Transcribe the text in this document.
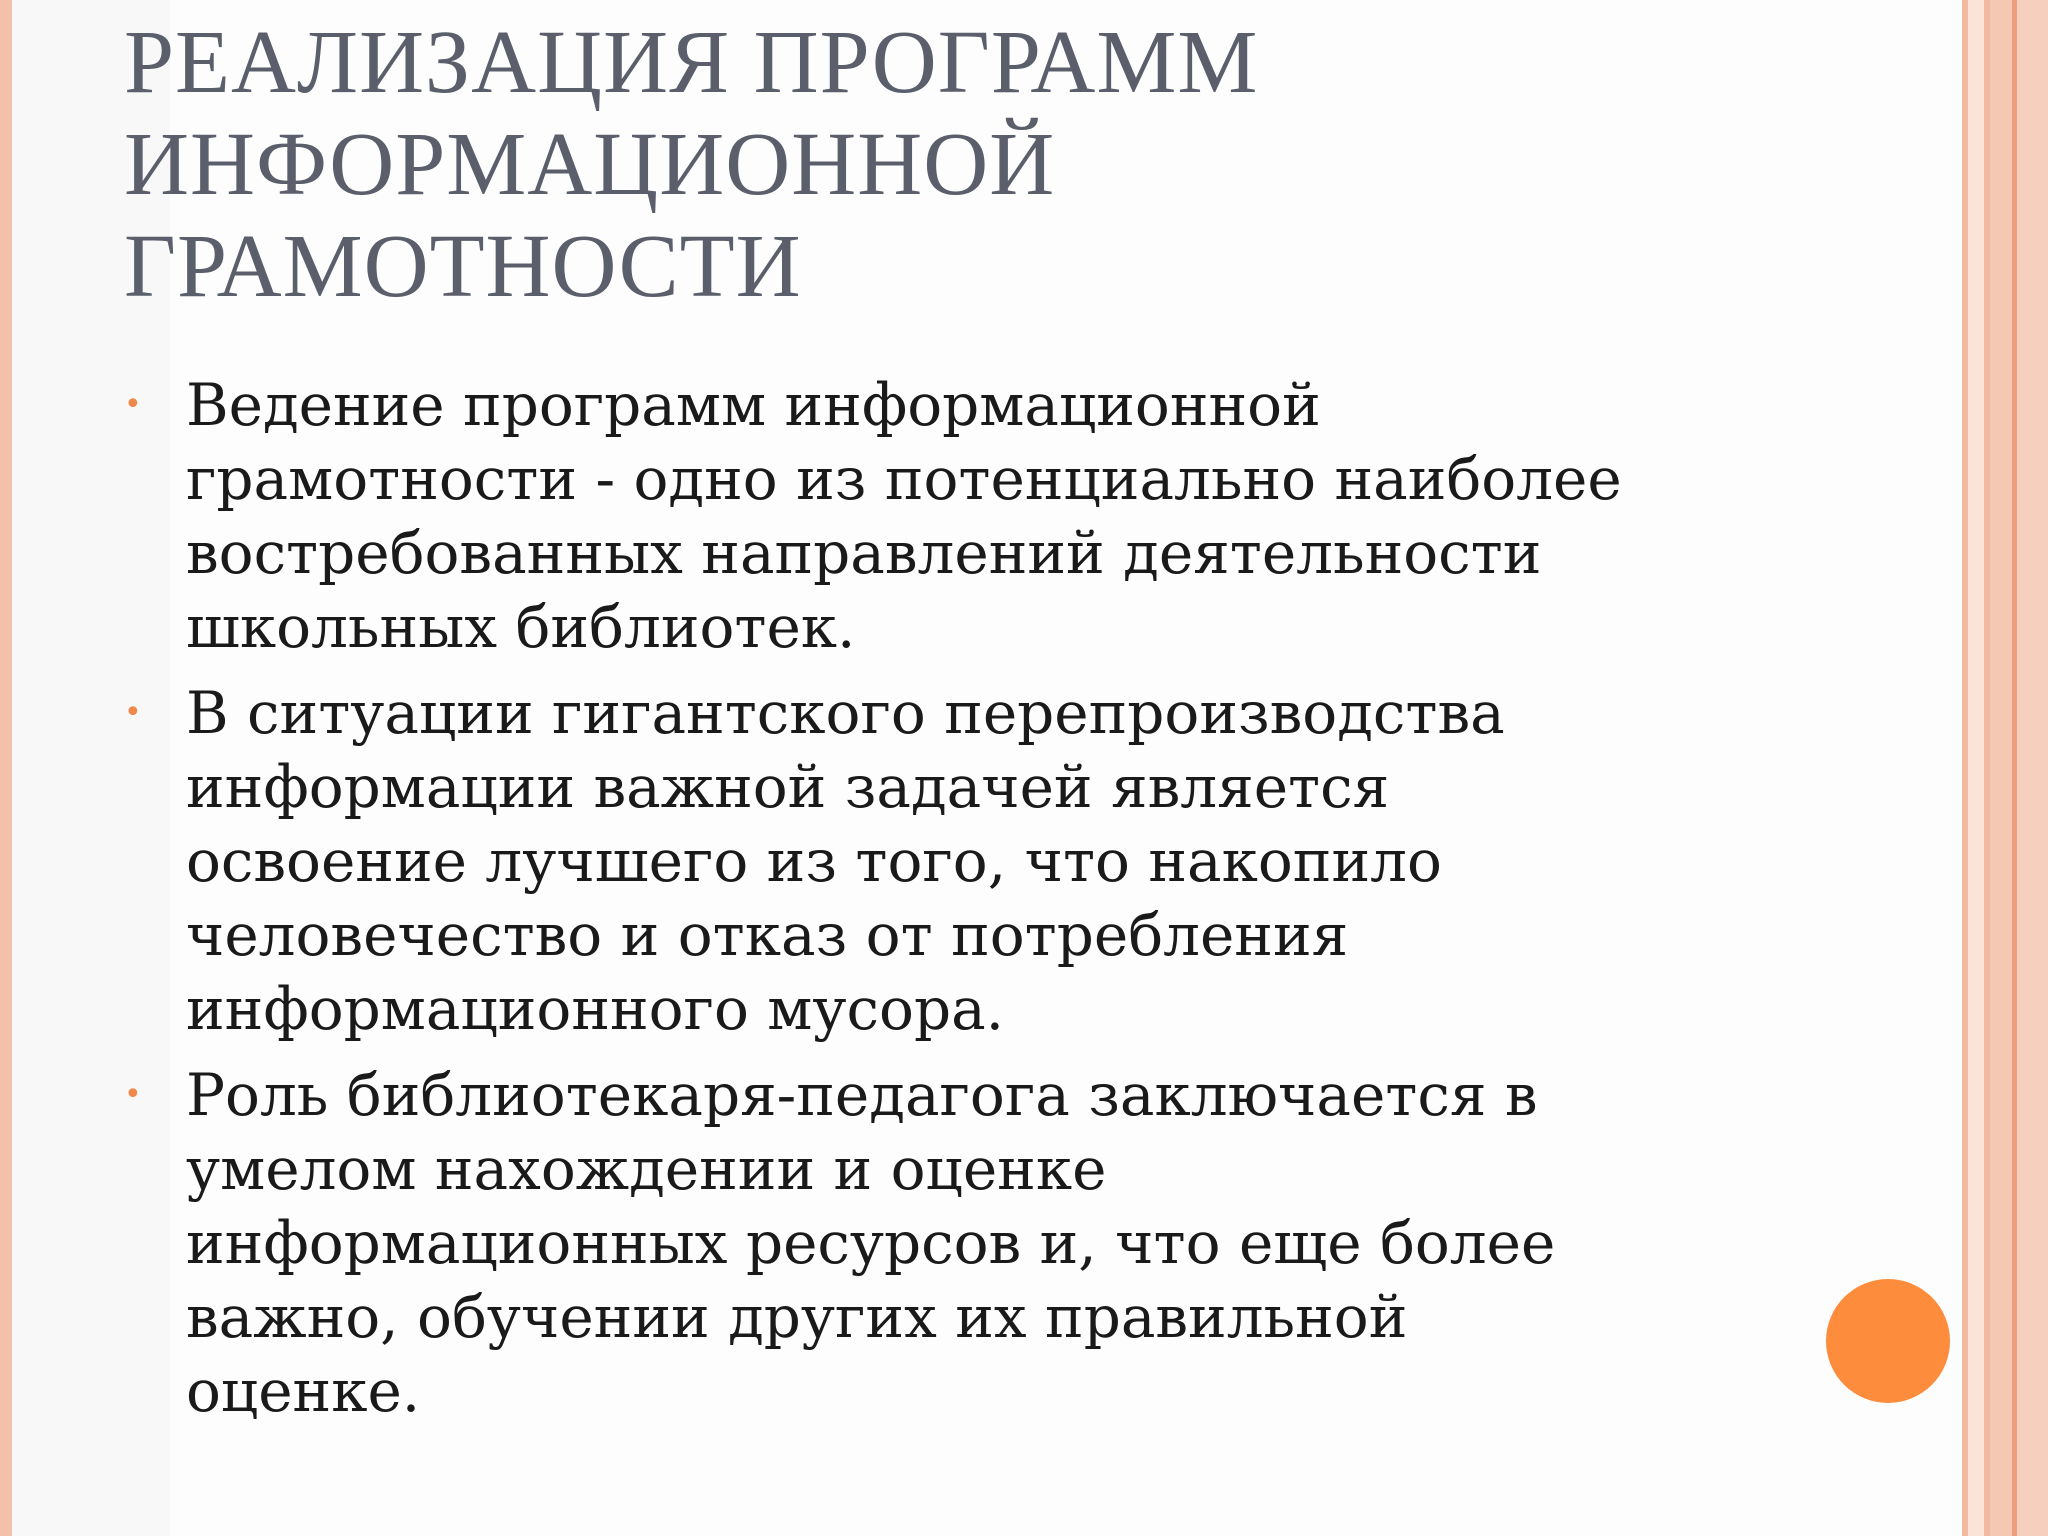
РЕАЛИЗАЦИЯ ПРОГРАММ
ИНФОРМАЦИОННОЙ
ГРАМОТНОСТИ
• Ведение программ информационной
грамотности - одно из потенциально наиболее
востребованных направлений деятельности
школьных библиотек.
• В ситуации гигантского перепроизводства
информации важной задачей является
освоение лучшего из того, что накопило
человечество и отказ от потребления
информационного мусора.
• Роль библиотекаря-педагога заключается в
умелом нахождении и оценке
информационных ресурсов и, что еще более
важно, обучении других их правильной
оценке.
